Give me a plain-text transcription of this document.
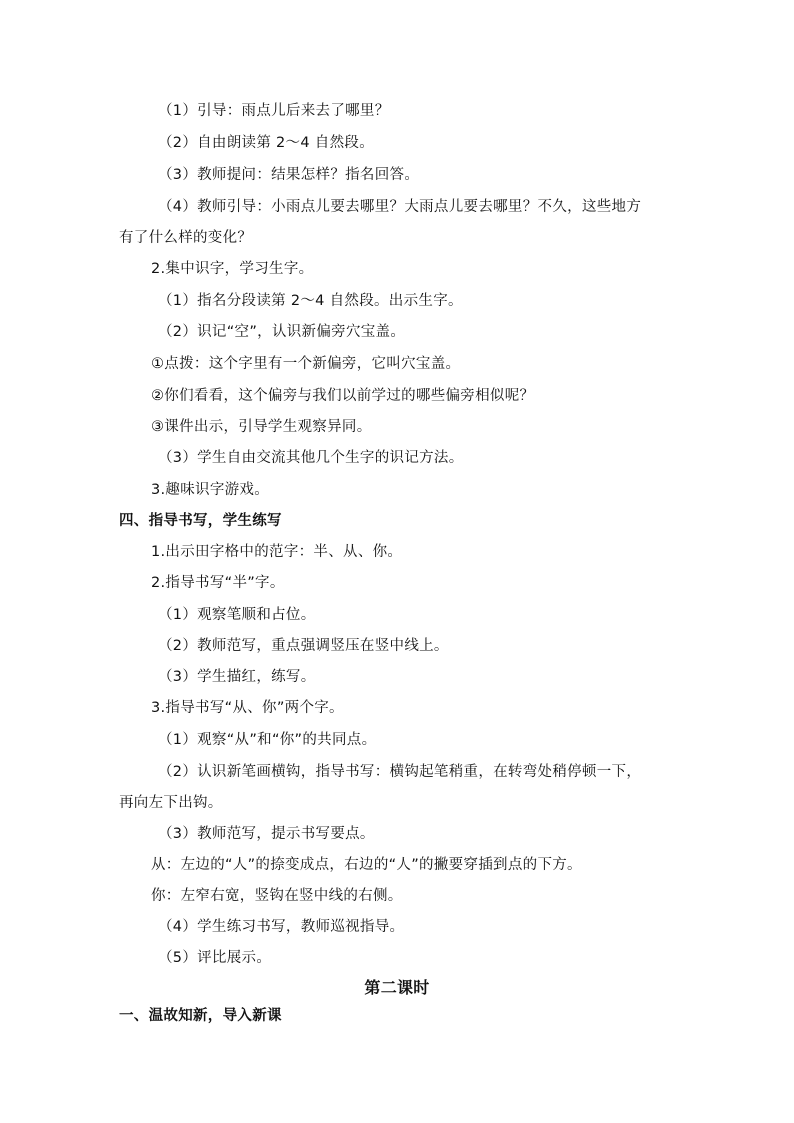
（1）引导：雨点儿后来去了哪里？
（2）自由朗读第 2～4 自然段。
（3）教师提问：结果怎样？指名回答。
（4）教师引导：小雨点儿要去哪里？大雨点儿要去哪里？不久，这些地方
有了什么样的变化？
2.集中识字，学习生字。
（1）指名分段读第 2～4 自然段。出示生字。
（2）识记“空”，认识新偏旁穴宝盖。
①点拨：这个字里有一个新偏旁，它叫穴宝盖。
②你们看看，这个偏旁与我们以前学过的哪些偏旁相似呢？
③课件出示，引导学生观察异同。
（3）学生自由交流其他几个生字的识记方法。
3.趣味识字游戏。
四、指导书写，学生练写
1.出示田字格中的范字：半、从、你。
2.指导书写“半”字。
（1）观察笔顺和占位。
（2）教师范写，重点强调竖压在竖中线上。
（3）学生描红，练写。
3.指导书写“从、你”两个字。
（1）观察“从”和“你”的共同点。
（2）认识新笔画横钩，指导书写：横钩起笔稍重，在转弯处稍停顿一下，
再向左下出钩。
（3）教师范写，提示书写要点。
从：左边的“人”的捺变成点，右边的“人”的撇要穿插到点的下方。
你：左窄右宽，竖钩在竖中线的右侧。
（4）学生练习书写，教师巡视指导。
（5）评比展示。
第二课时
一、温故知新，导入新课
